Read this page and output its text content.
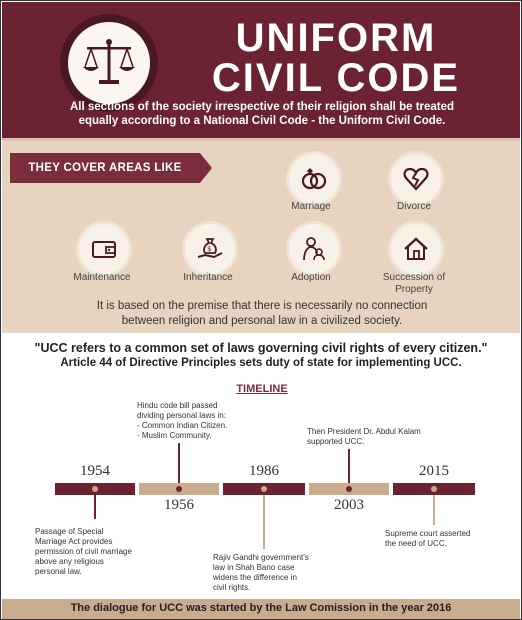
UNIFORM
CIVIL CODE
All sections of the society irrespective of their religion shall be treated
equally according to a National Civil Code - the Uniform Civil Code.
THEY COVER AREAS LIKE
Marriage	Divorce
Maintenance
$
Inheritance	Adoption	Succession of
Property
It is based on the premise that there is necessarily no connection
between religion and personal law in a civilized society.
"UCC refers to a common set of laws governing civil rights of every citizen."
Article 44 of Directive Principles sets duty of state for implementing UCC.
TIMELINE
1954
1956
1986
2003
2015
Passage of Special
Marriage Act provides
permission of civil marriage
above any religious
personal law.
Hindu code bill passed
dividing personal laws in:
- Common Indian Citizen.
- Muslim Community.
Rajiv Gandhi government's
law in Shah Bano case
widens the difference in
civil rights.
Then President Dr. Abdul Kalam
supported UCC.
Supreme court asserted
the need of UCC.
The dialogue for UCC was started by the Law Comission in the year 2016
